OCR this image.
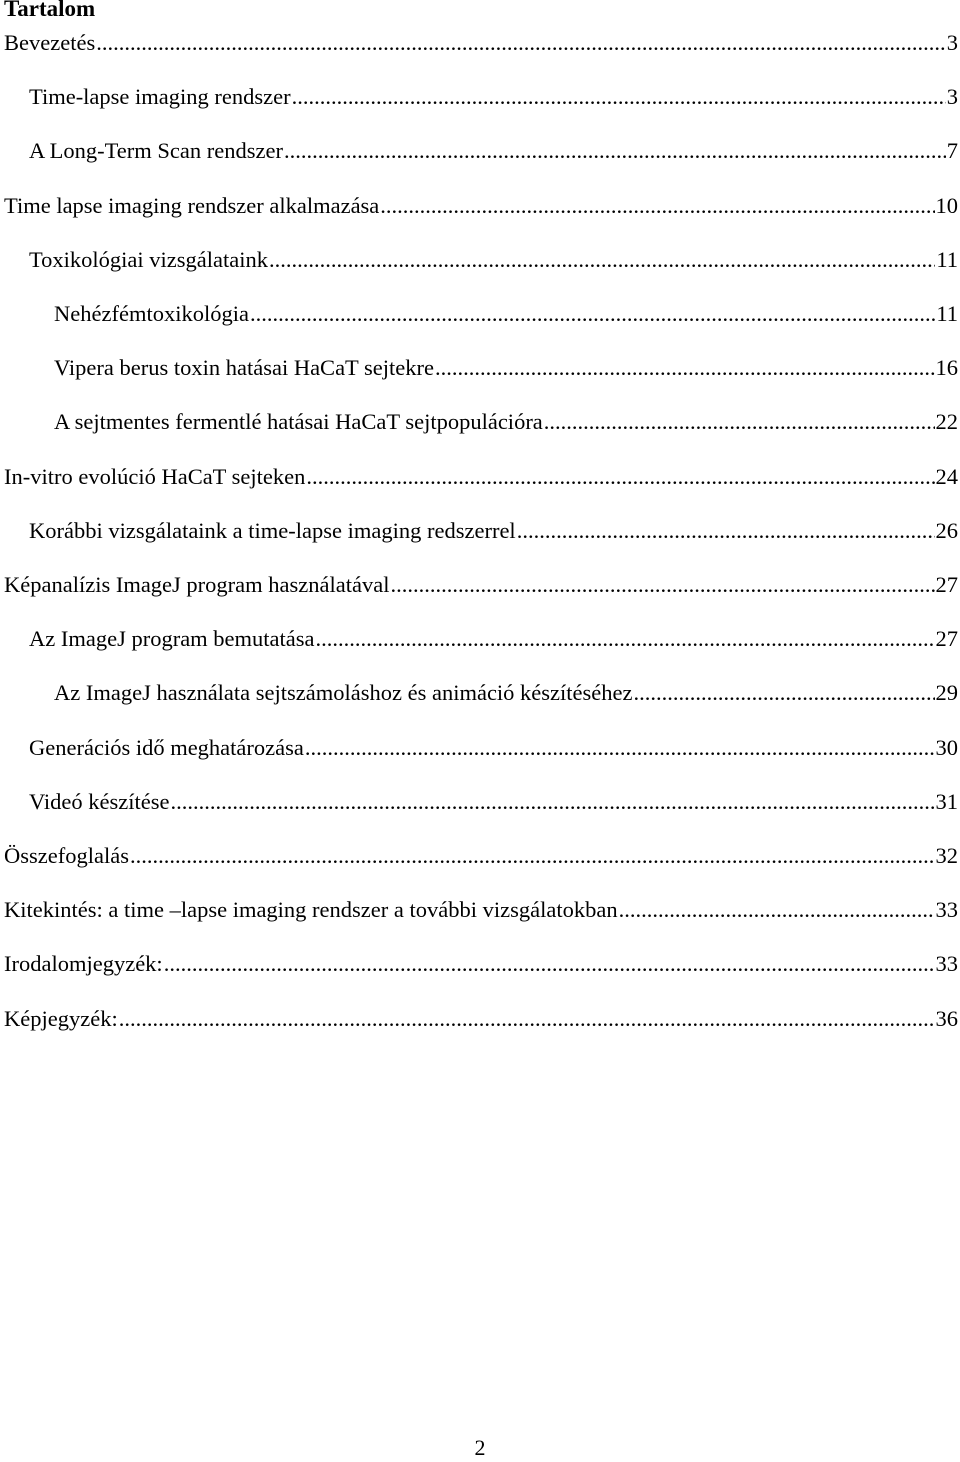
Tartalom
Bevezetés .....	3
Time-lapse imaging rendszer .....	3
A Long-Term Scan rendszer .....	7
Time lapse imaging rendszer alkalmazása .....	10
Toxikológiai vizsgálataink .....	11
Nehézfémtoxikológia .....	11
Vipera berus toxin hatásai HaCaT sejtekre .....	16
A sejtmentes fermentlé hatásai HaCaT sejtpopulációra .....	22
In-vitro evolúció HaCaT sejteken .....	24
Korábbi vizsgálataink a time-lapse imaging redszerrel .....	26
Képanalízis ImageJ program használatával .....	27
Az ImageJ program bemutatása .....	27
Az ImageJ használata sejtszámoláshoz és animáció készítéséhez .....	29
Generációs idő meghatározása .....	30
Videó készítése .....	31
Összefoglalás .....	32
Kitekintés: a time –lapse imaging rendszer a további vizsgálatokban .....	33
Irodalomjegyzék: .....	33
Képjegyzék: .....	36
2
